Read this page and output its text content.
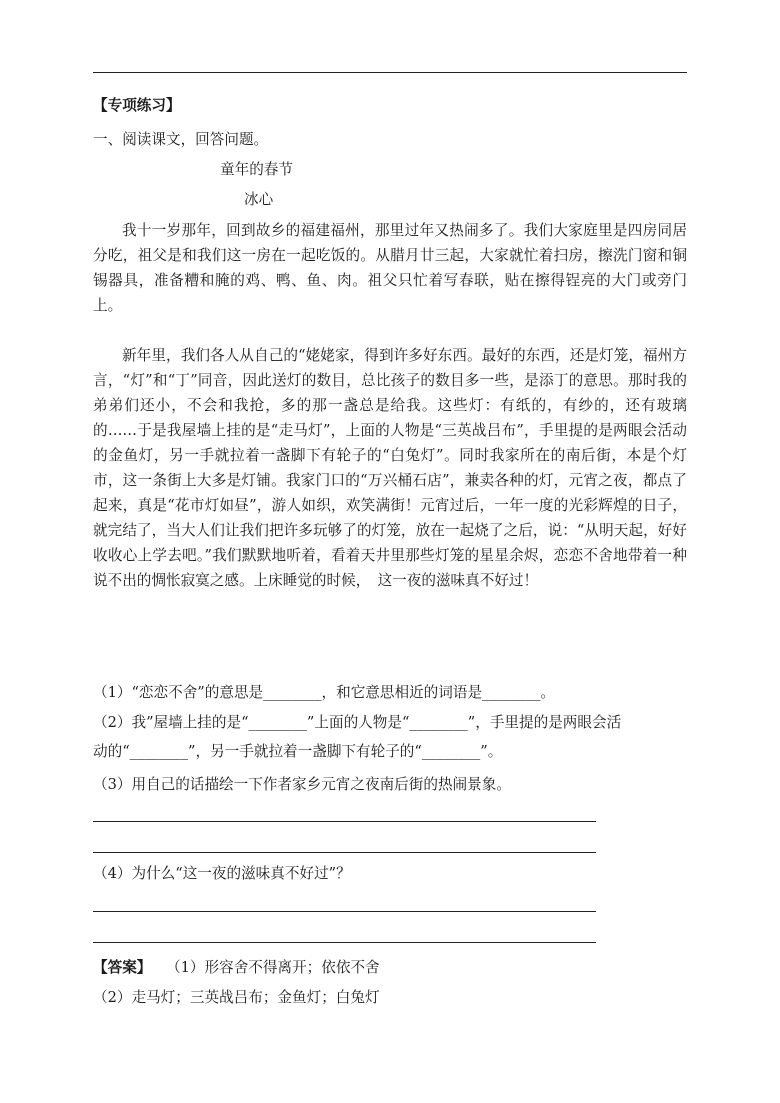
【专项练习】
一、阅读课文，回答问题。
童年的春节
冰心
我十一岁那年，回到故乡的福建福州，那里过年又热闹多了。我们大家庭里是四房同居分吃，祖父是和我们这一房在一起吃饭的。从腊月廿三起，大家就忙着扫房，擦洗门窗和铜锡器具，准备糟和腌的鸡、鸭、鱼、肉。祖父只忙着写春联，贴在擦得锃亮的大门或旁门上。
新年里，我们各人从自己的“姥姥家，得到许多好东西。最好的东西，还是灯笼，福州方言，“灯”和“丁”同音，因此送灯的数目，总比孩子的数目多一些，是添丁的意思。那时我的弟弟们还小，不会和我抢，多的那一盏总是给我。这些灯：有纸的，有纱的，还有玻璃的……于是我屋墙上挂的是“走马灯”，上面的人物是“三英战吕布”，手里提的是两眼会活动的金鱼灯，另一手就拉着一盏脚下有轮子的“白兔灯”。同时我家所在的南后街，本是个灯市，这一条街上大多是灯铺。我家门口的“万兴桶石店”，兼卖各种的灯，元宵之夜，都点了起来，真是“花市灯如昼”，游人如织，欢笑满街！元宵过后，一年一度的光彩辉煌的日子，就完结了，当大人们让我们把许多玩够了的灯笼，放在一起烧了之后，说：“从明天起，好好收收心上学去吧。”我们默默地听着，看着天井里那些灯笼的星星余烬，恋恋不舍地带着一种说不出的惆怅寂寞之感。上床睡觉的时候，　这一夜的滋味真不好过！
（1）“恋恋不舍”的意思是________，和它意思相近的词语是________。
（2）我”屋墙上挂的是“________”上面的人物是“________”，手里提的是两眼会活
动的“________”，另一手就拉着一盏脚下有轮子的“________”。
（3）用自己的话描绘一下作者家乡元宵之夜南后街的热闹景象。
（4）为什么“这一夜的滋味真不好过”？
【答案】 （1）形容舍不得离开；依依不舍
（2）走马灯；三英战吕布；金鱼灯；白兔灯
